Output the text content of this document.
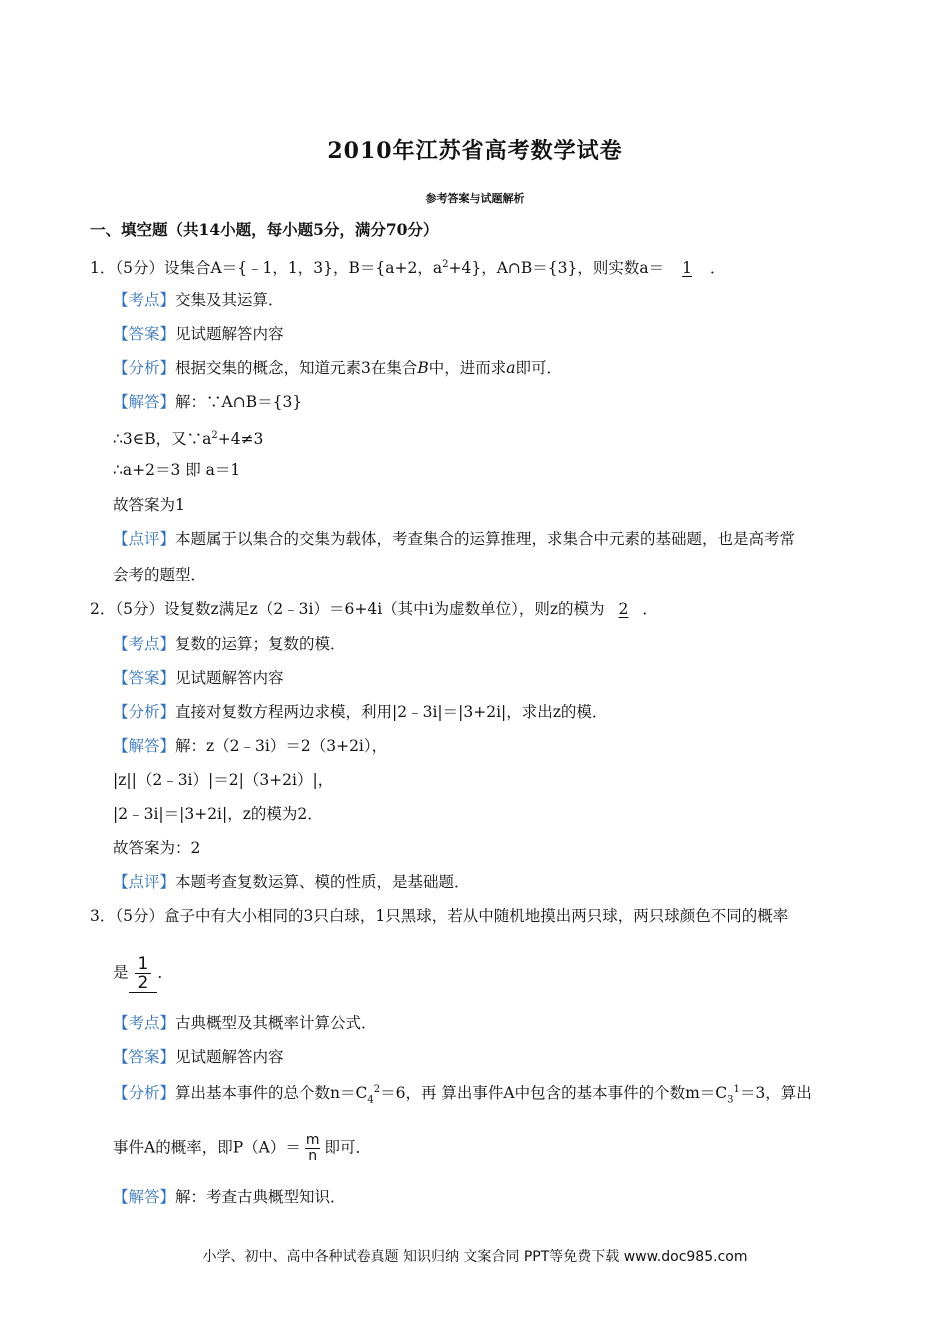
2010年江苏省高考数学试卷
参考答案与试题解析
一、填空题（共14小题，每小题5分，满分70分）
1．（5分）设集合A＝{﹣1，1，3}，B＝{a+2，$a^2+4$}，A∩B＝{3}，则实数a＝1．
【考点】交集及其运算．
【答案】见试题解答内容
【分析】根据交集的概念，知道元素3在集合B中，进而求a即可．
【解答】解：∵A∩B＝{3}
∴3∈B，又$\because a^2+4\ne 3$
∴a+2＝3 即 a＝1
故答案为1
【点评】本题属于以集合的交集为载体，考查集合的运算推理，求集合中元素的基础题，也是高考常
会考的题型．
2．（5分）设复数z满足z（2﹣3i）＝6+4i（其中i为虚数单位），则z的模为2．
【考点】复数的运算；复数的模．
【答案】见试题解答内容
【分析】直接对复数方程两边求模，利用|2﹣3i|＝|3+2i|，求出z的模．
【解答】解：z（2﹣3i）＝2（3+2i），
|z||（2﹣3i）|＝2|（3+2i）|，
|2﹣3i|＝|3+2i|，z的模为2．
故答案为：2
【点评】本题考查复数运算、模的性质，是基础题．
3．（5分）盒子中有大小相同的3只白球，1只黑球，若从中随机地摸出两只球，两只球颜色不同的概率
是 $\frac{1}{2}$ ．
【考点】古典概型及其概率计算公式．
【答案】见试题解答内容
【分析】算出基本事件的总个数$n=C_4^2=6$，再 算出事件A中包含的基本事件的个数$m=C_3^1=3$，算出
事件A的概率，即$P(A)= \frac{m}{n}$ 即可．
【解答】解：考查古典概型知识．
小学、初中、高中各种试卷真题 知识归纳 文案合同 PPT等免费下载 www.doc985.com
